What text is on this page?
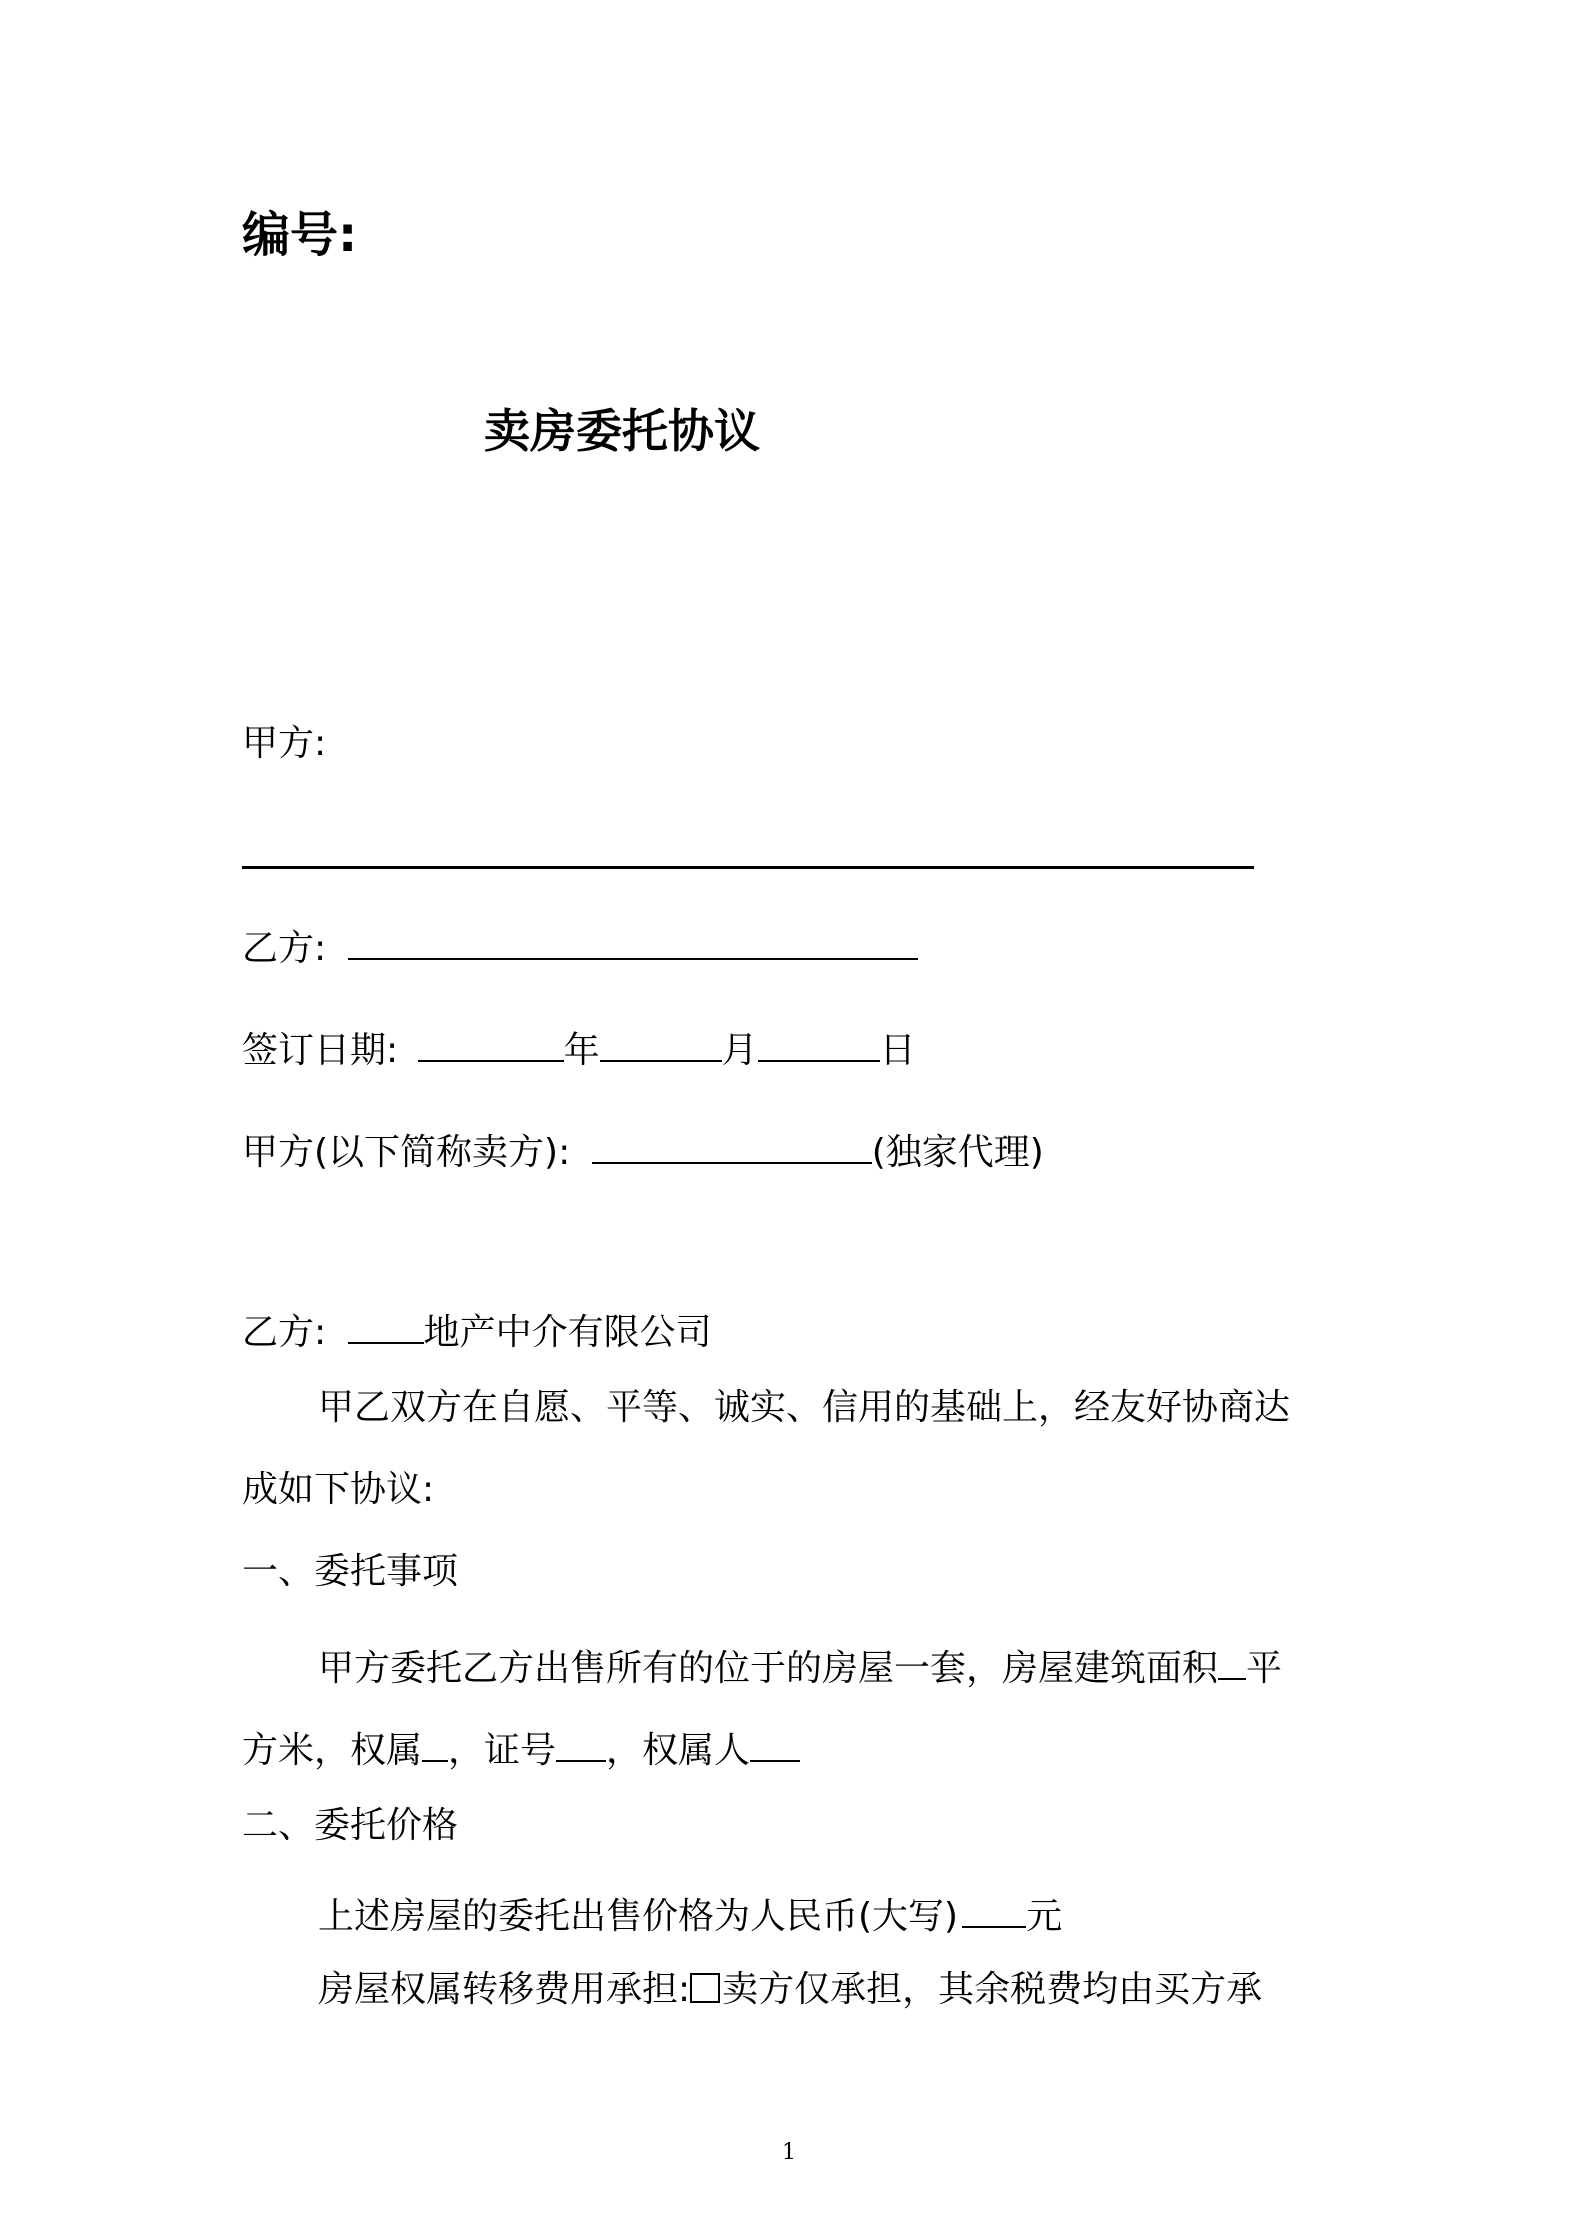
编号:
卖房委托协议
甲方:
乙方:
签订日期:	年	月	日
甲方(以下简称卖方):	(独家代理)
乙方:	地产中介有限公司
甲乙双方在自愿、平等、诚实、信用的基础上，经友好协商达
成如下协议:
一、委托事项
甲方委托乙方出售所有的位于的房屋一套，房屋建筑面积 平
方米，权属 ，证号 ，权属人
二、委托价格
上述房屋的委托出售价格为人民币(大写) 元
房屋权属转移费用承担: 卖方仅承担，其余税费均由买方承
1
